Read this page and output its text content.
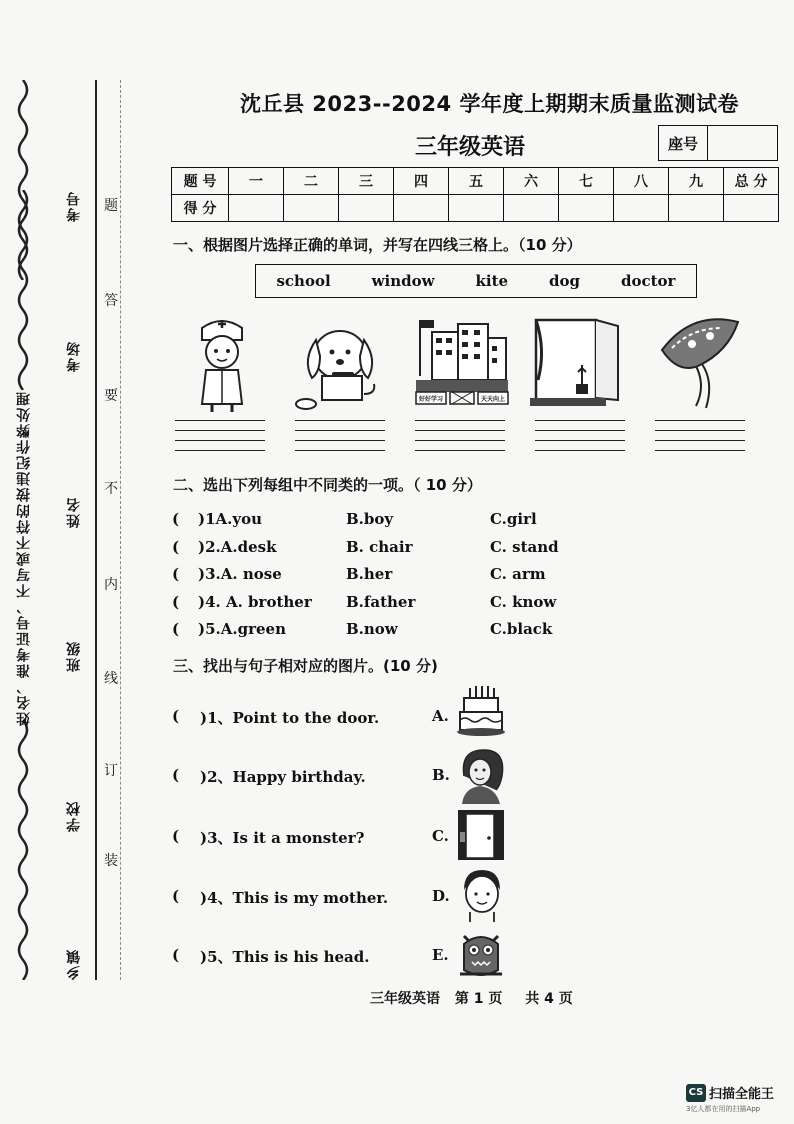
姓名、准考证号、不写或不符的按违纪作弊处理
乡镇
学校
班级
姓名
考场
考号
装
订
线
内
不
要
答
题
沈丘县 2023--2024 学年度上期期末质量监测试卷
三年级英语	座号
题 号	一	二	三	四	五	六	七	八	九	总 分
得 分										
一、根据图片选择正确的单词，并写在四线三格上。（10 分）
school	window	kite	dog	doctor
好好学习	天天向上
二、选出下列每组中不同类的一项。（ 10 分）
( )1A.you	B.boy	C.girl
( )2.A.desk	B. chair	C. stand
( )3.A. nose	B.her	C. arm
( )4. A. brother B.father	C. know
( )5.A.green	B.now	C.black
三、找出与句子相对应的图片。(10 分)
( )1、Point to the door.	A.
( )2、Happy birthday.	B.
( )3、Is it a monster?	C.
( )4、This is my mother.	D.
( )5、This is his head.	E.
三年级英语 第 1 页 共 4 页
CS 扫描全能王
3亿人都在用的扫描App
